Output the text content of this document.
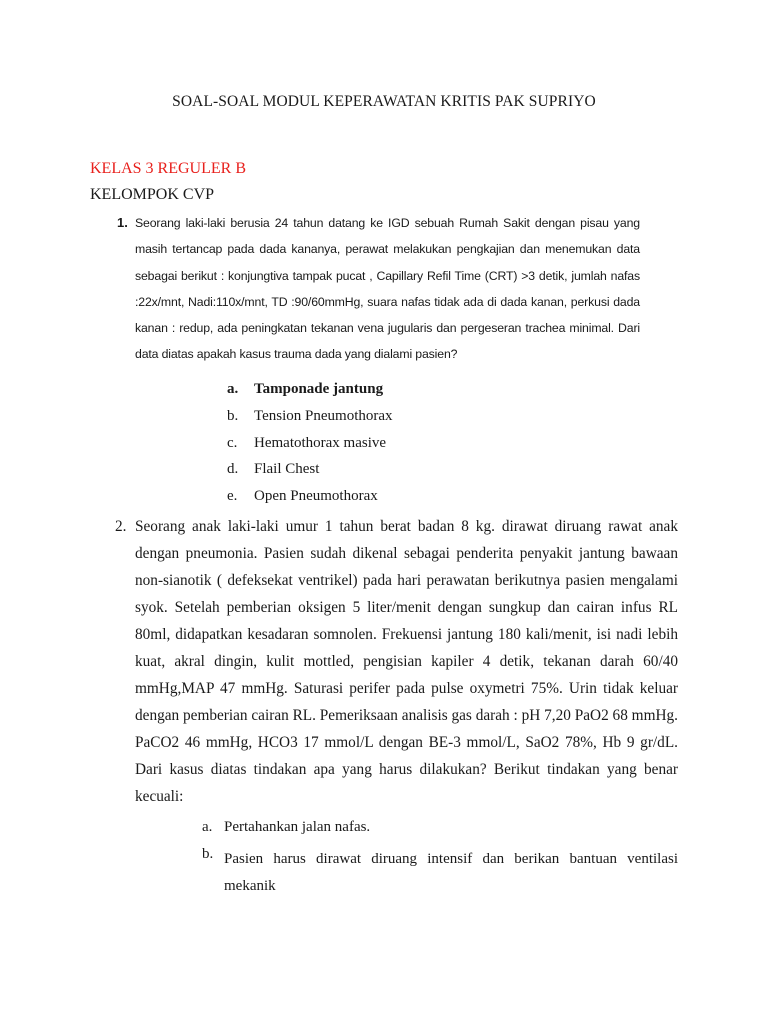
SOAL-SOAL MODUL KEPERAWATAN KRITIS PAK SUPRIYO
KELAS 3 REGULER B
KELOMPOK CVP
1. Seorang laki-laki berusia 24 tahun datang ke IGD sebuah Rumah Sakit dengan pisau yang masih tertancap pada dada kananya, perawat melakukan pengkajian dan menemukan data sebagai berikut : konjungtiva tampak pucat , Capillary Refil Time (CRT) >3 detik, jumlah nafas :22x/mnt, Nadi:110x/mnt, TD :90/60mmHg, suara nafas tidak ada di dada kanan, perkusi dada kanan : redup, ada peningkatan tekanan vena jugularis dan pergeseran trachea minimal. Dari data diatas apakah kasus trauma dada yang dialami pasien?
a. Tamponade jantung
b. Tension Pneumothorax
c. Hematothorax masive
d. Flail Chest
e. Open Pneumothorax
2. Seorang anak laki-laki umur 1 tahun berat badan 8 kg. dirawat diruang rawat anak dengan pneumonia. Pasien sudah dikenal sebagai penderita penyakit jantung bawaan non-sianotik ( defeksekat ventrikel) pada hari perawatan berikutnya pasien mengalami syok. Setelah pemberian oksigen 5 liter/menit dengan sungkup dan cairan infus RL 80ml, didapatkan kesadaran somnolen. Frekuensi jantung 180 kali/menit, isi nadi lebih kuat, akral dingin, kulit mottled, pengisian kapiler 4 detik, tekanan darah 60/40 mmHg,MAP 47 mmHg. Saturasi perifer pada pulse oxymetri 75%. Urin tidak keluar dengan pemberian cairan RL. Pemeriksaan analisis gas darah : pH 7,20 PaO2 68 mmHg. PaCO2 46 mmHg, HCO3 17 mmol/L dengan BE-3 mmol/L, SaO2 78%, Hb 9 gr/dL. Dari kasus diatas tindakan apa yang harus dilakukan? Berikut tindakan yang benar kecuali:
a. Pertahankan jalan nafas.
b. Pasien harus dirawat diruang intensif dan berikan bantuan ventilasi mekanik
